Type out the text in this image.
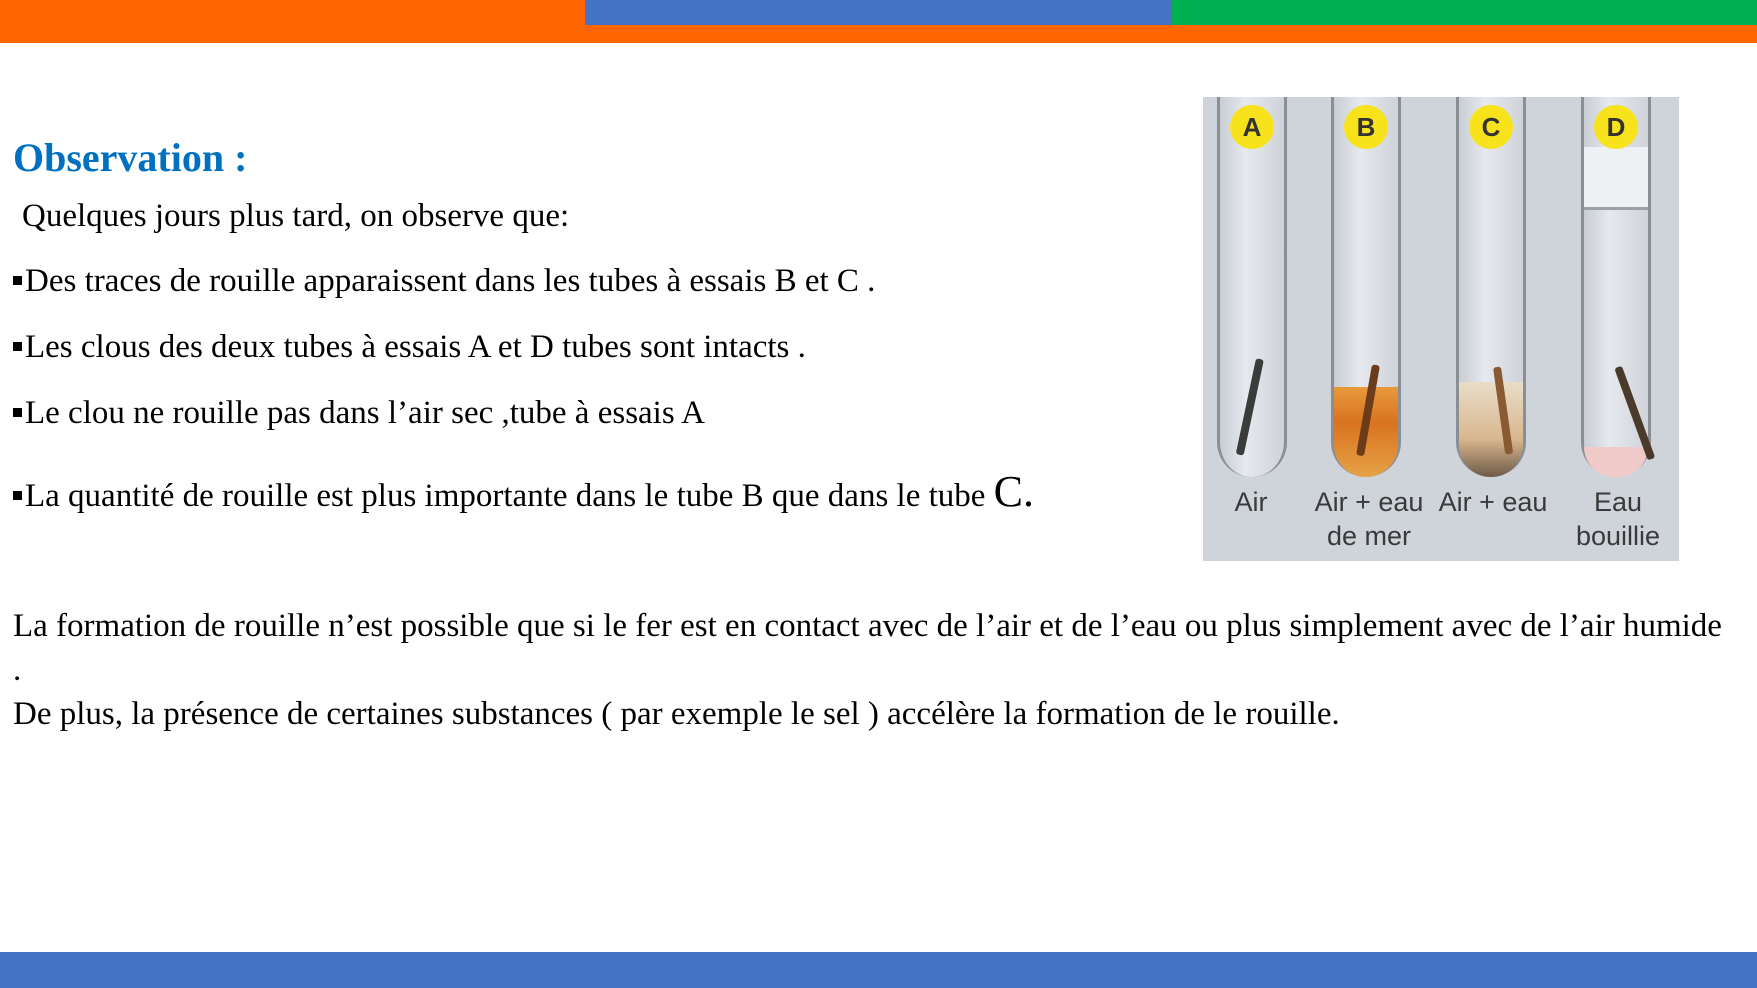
Observation :
Quelques jours plus tard, on observe que:
Des traces de rouille apparaissent dans les tubes à essais B et C .
Les clous des deux tubes à essais A et D tubes sont intacts .
Le clou ne rouille pas dans l’air sec ,tube à essais A
La quantité de rouille est plus importante dans le tube B que dans le tube C.
A	B	C	D
Air	Air + eau
de mer
Air + eau	Eau
bouillie
La formation de rouille n’est possible que si le fer est en contact avec de l’air et de l’eau ou plus simplement avec de l’air humide .
De plus, la présence de certaines substances ( par exemple le sel ) accélère la formation de le rouille.
